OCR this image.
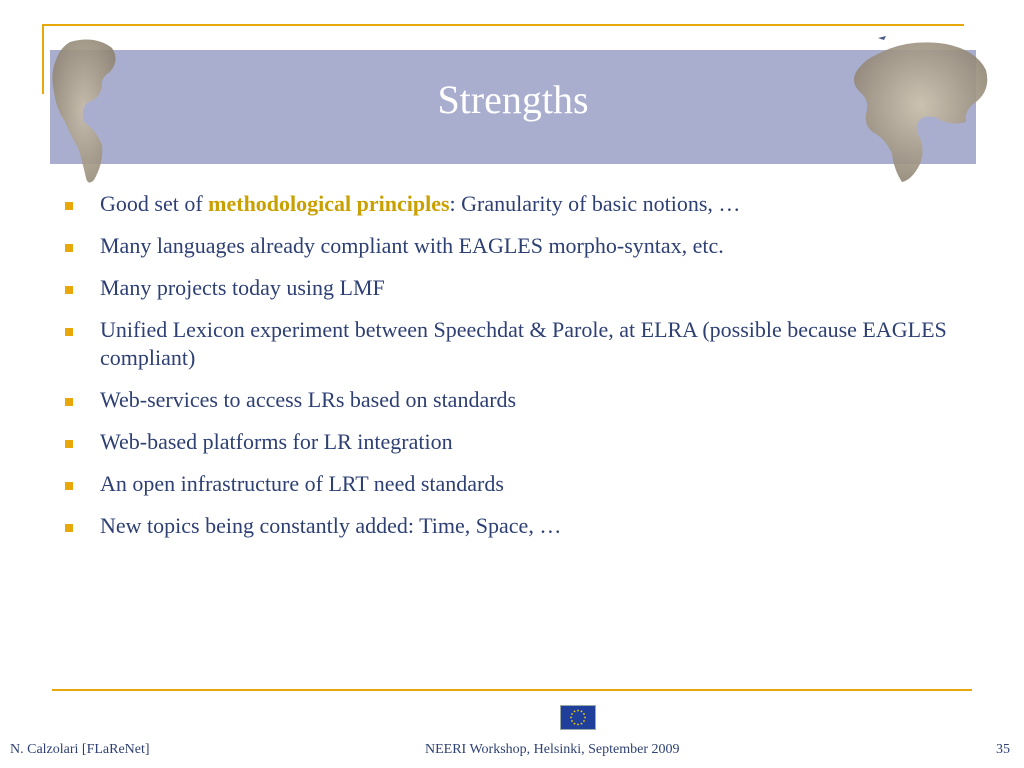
Strengths
Good set of methodological principles: Granularity of basic notions, …
Many languages already compliant with EAGLES morpho-syntax, etc.
Many projects today using LMF
Unified Lexicon experiment between Speechdat & Parole, at ELRA (possible because EAGLES compliant)
Web-services to access LRs based on standards
Web-based platforms for LR integration
An open infrastructure of LRT need standards
New topics being constantly added: Time, Space, …
N. Calzolari [FLaReNet]	NEERI Workshop, Helsinki, September 2009	35
